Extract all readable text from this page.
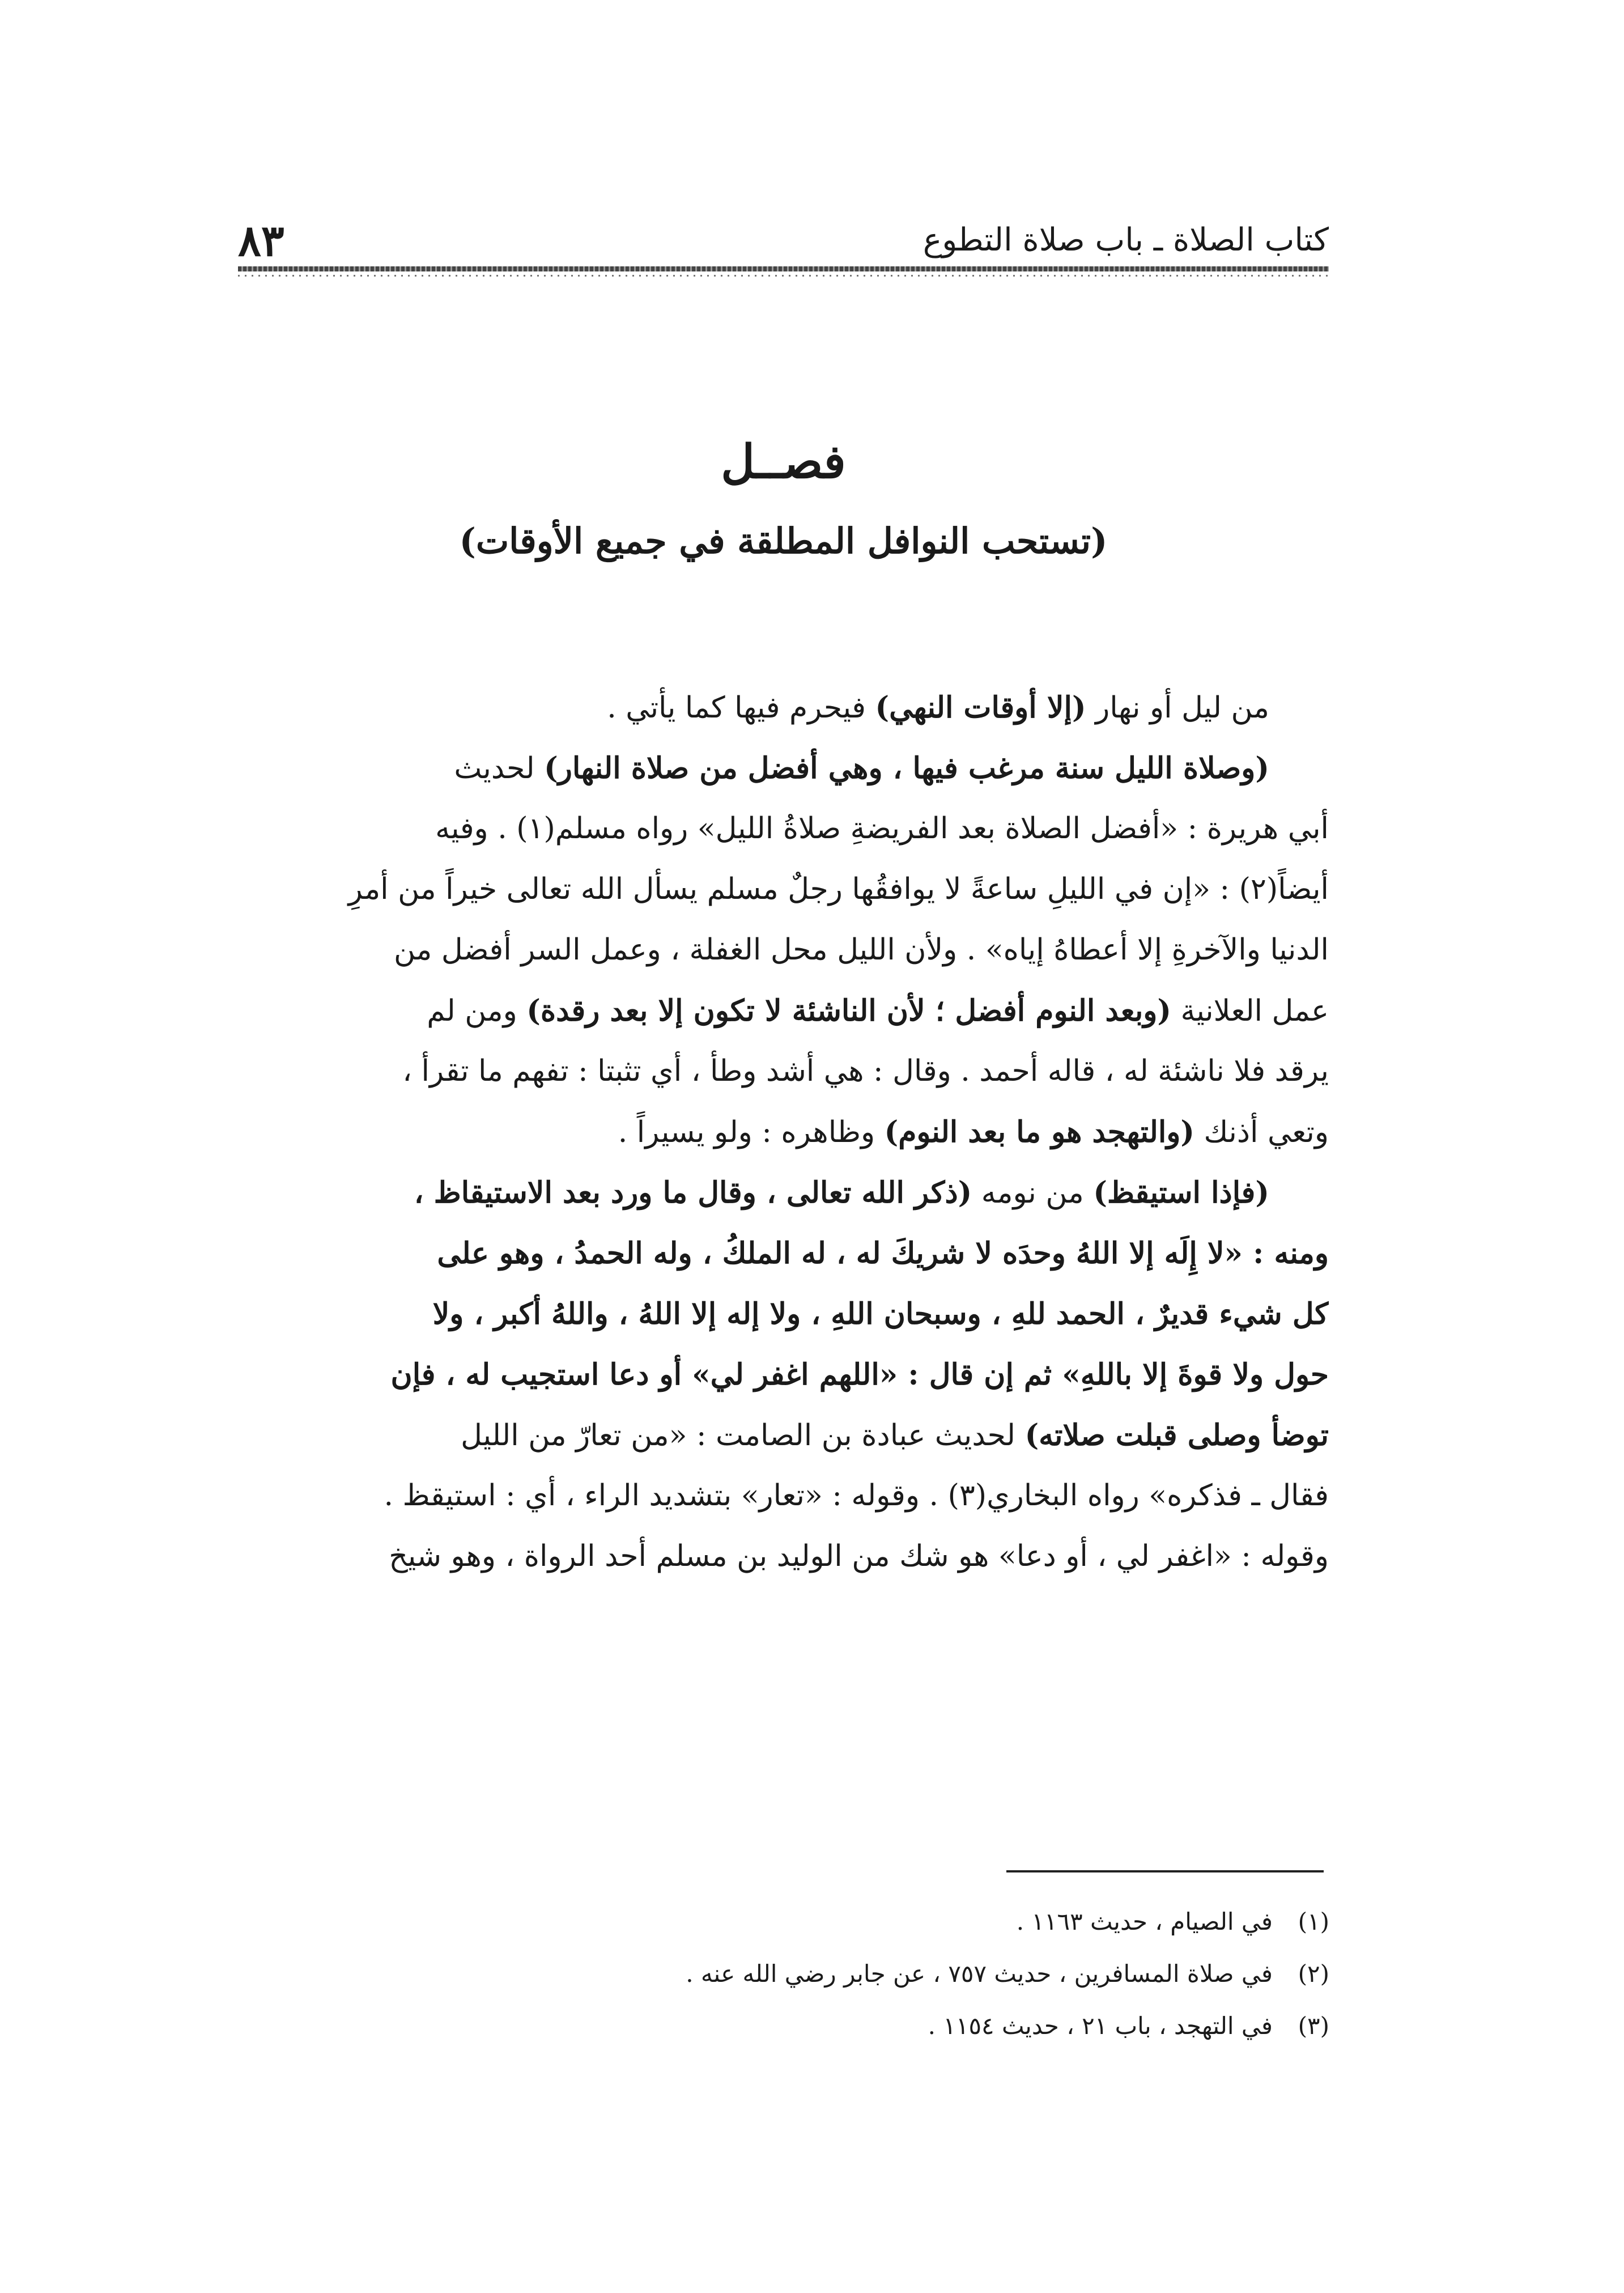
كتاب الصلاة ـ باب صلاة التطوع
٨٣
فصــل
(تستحب النوافل المطلقة في جميع الأوقات)
من ليل أو نهار (إلا أوقات النهي) فيحرم فيها كما يأتي .
(وصلاة الليل سنة مرغب فيها ، وهي أفضل من صلاة النهار) لحديث
أبي هريرة : «أفضل الصلاة بعد الفريضةِ صلاةُ الليل» رواه مسلم(١) . وفيه
أيضاً(٢) : «إن في الليلِ ساعةً لا يوافقُها رجلٌ مسلم يسأل الله تعالى خيراً من أمرِ
الدنيا والآخرةِ إلا أعطاهُ إياه» . ولأن الليل محل الغفلة ، وعمل السر أفضل من
عمل العلانية (وبعد النوم أفضل ؛ لأن الناشئة لا تكون إلا بعد رقدة) ومن لم
يرقد فلا ناشئة له ، قاله أحمد . وقال : هي أشد وطأ ، أي تثبتا : تفهم ما تقرأ ،
وتعي أذنك (والتهجد هو ما بعد النوم) وظاهره : ولو يسيراً .
(فإذا استيقظ) من نومه (ذكر الله تعالى ، وقال ما ورد بعد الاستيقاظ ،
ومنه : «لا إِلَه إلا اللهُ وحدَه لا شريكَ له ، له الملكُ ، وله الحمدُ ، وهو على
كل شيء قديرٌ ، الحمد للهِ ، وسبحان اللهِ ، ولا إله إلا اللهُ ، واللهُ أكبر ، ولا
حول ولا قوةَ إلا باللهِ» ثم إن قال : «اللهم اغفر لي» أو دعا استجيب له ، فإن
توضأ وصلى قبلت صلاته) لحديث عبادة بن الصامت : «من تعارّ من الليل
فقال ـ فذكره» رواه البخاري(٣) . وقوله : «تعار» بتشديد الراء ، أي : استيقظ .
وقوله : «اغفر لي ، أو دعا» هو شك من الوليد بن مسلم أحد الرواة ، وهو شيخ
(١)
في الصيام ، حديث ١١٦٣ .
(٢)
في صلاة المسافرين ، حديث ٧٥٧ ، عن جابر رضي الله عنه .
(٣)
في التهجد ، باب ٢١ ، حديث ١١٥٤ .
